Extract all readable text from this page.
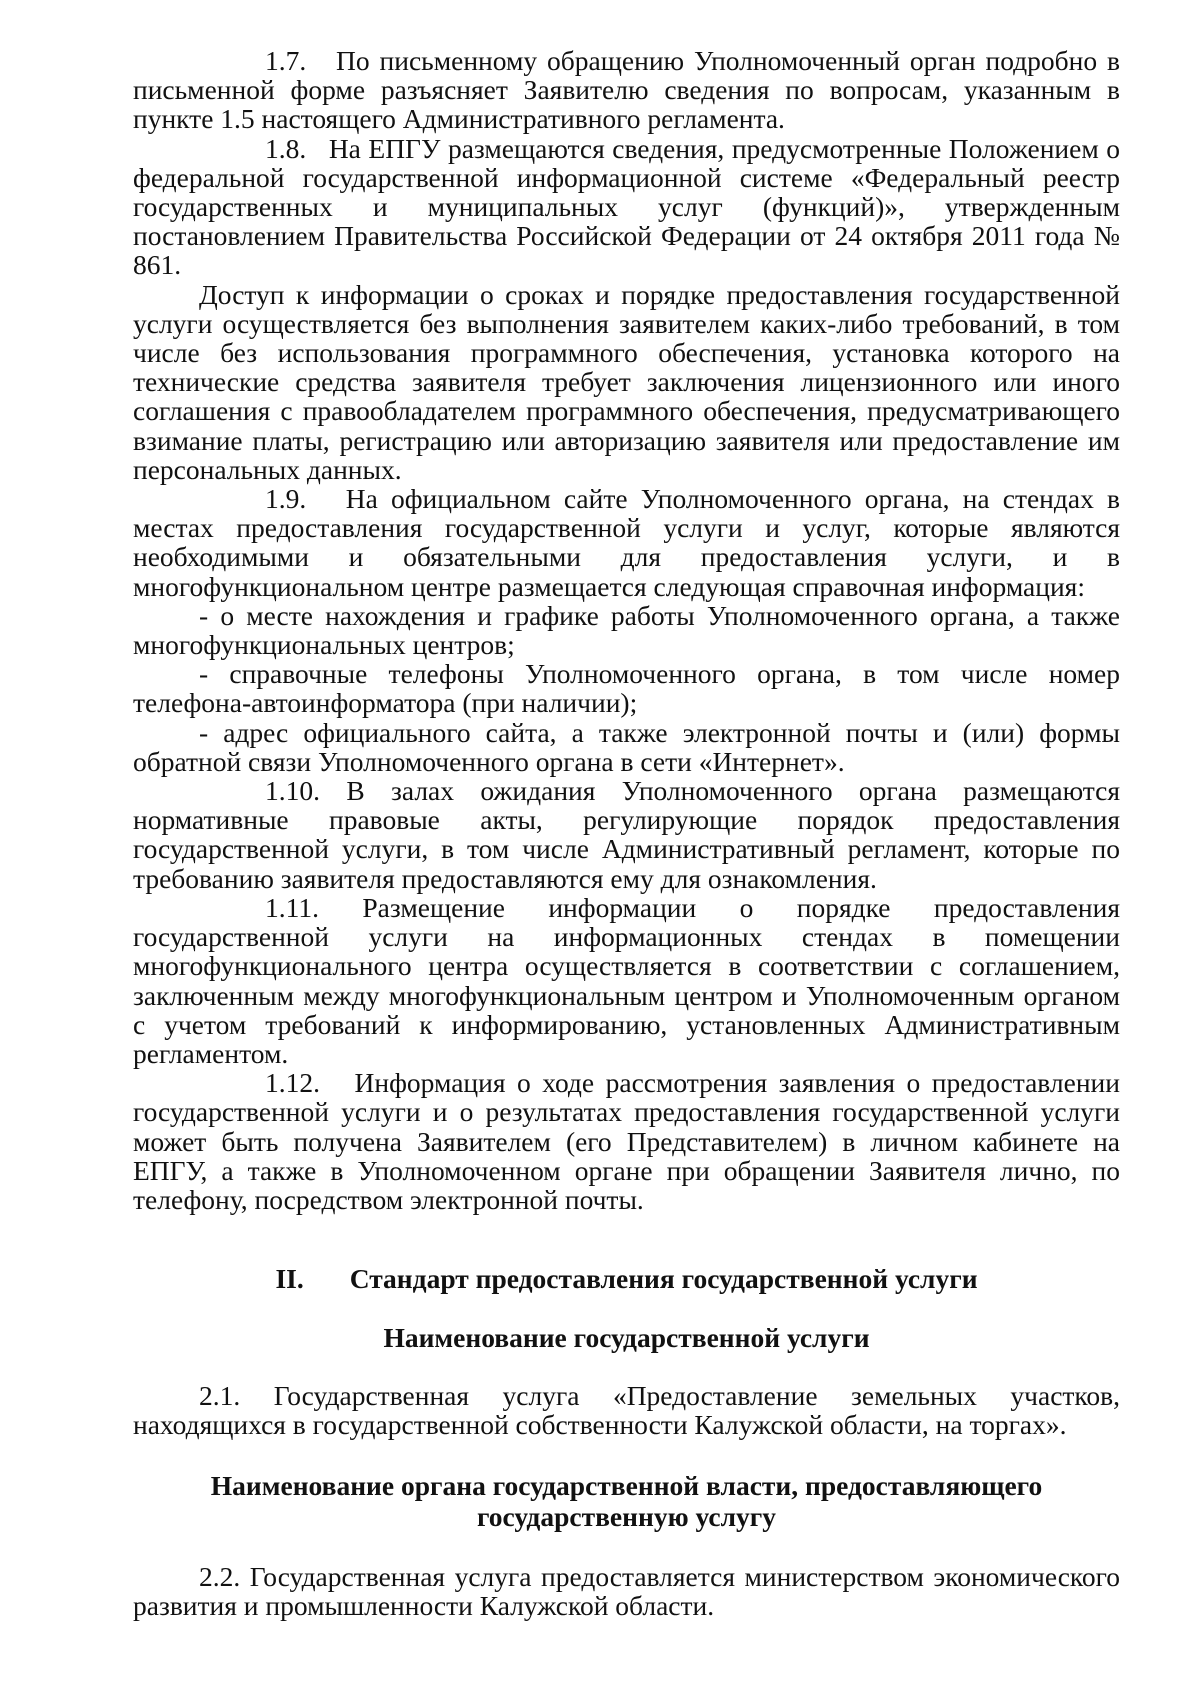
1.7. По письменному обращению Уполномоченный орган подробно в письменной форме разъясняет Заявителю сведения по вопросам, указанным в пункте 1.5 настоящего Административного регламента.

1.8. На ЕПГУ размещаются сведения, предусмотренные Положением о федеральной государственной информационной системе «Федеральный реестр государственных и муниципальных услуг (функций)», утвержденным постановлением Правительства Российской Федерации от 24 октября 2011 года № 861.

Доступ к информации о сроках и порядке предоставления государственной услуги осуществляется без выполнения заявителем каких-либо требований, в том числе без использования программного обеспечения, установка которого на технические средства заявителя требует заключения лицензионного или иного соглашения с правообладателем программного обеспечения, предусматривающего взимание платы, регистрацию или авторизацию заявителя или предоставление им персональных данных.

1.9. На официальном сайте Уполномоченного органа, на стендах в местах предоставления государственной услуги и услуг, которые являются необходимыми и обязательными для предоставления услуги, и в многофункциональном центре размещается следующая справочная информация:

- о месте нахождения и графике работы Уполномоченного органа, а также многофункциональных центров;

- справочные телефоны Уполномоченного органа, в том числе номер телефона-автоинформатора (при наличии);

- адрес официального сайта, а также электронной почты и (или) формы обратной связи Уполномоченного органа в сети «Интернет».

1.10. В залах ожидания Уполномоченного органа размещаются нормативные правовые акты, регулирующие порядок предоставления государственной услуги, в том числе Административный регламент, которые по требованию заявителя предоставляются ему для ознакомления.

1.11. Размещение информации о порядке предоставления государственной услуги на информационных стендах в помещении многофункционального центра осуществляется в соответствии с соглашением, заключенным между многофункциональным центром и Уполномоченным органом с учетом требований к информированию, установленных Административным регламентом.

1.12. Информация о ходе рассмотрения заявления о предоставлении государственной услуги и о результатах предоставления государственной услуги может быть получена Заявителем (его Представителем) в личном кабинете на ЕПГУ, а также в Уполномоченном органе при обращении Заявителя лично, по телефону, посредством электронной почты.

II. Стандарт предоставления государственной услуги
Наименование государственной услуги

2.1. Государственная услуга «Предоставление земельных участков, находящихся в государственной собственности Калужской области, на торгах».

Наименование органа государственной власти, предоставляющего
государственную услугу

2.2. Государственная услуга предоставляется министерством экономического развития и промышленности Калужской области.
